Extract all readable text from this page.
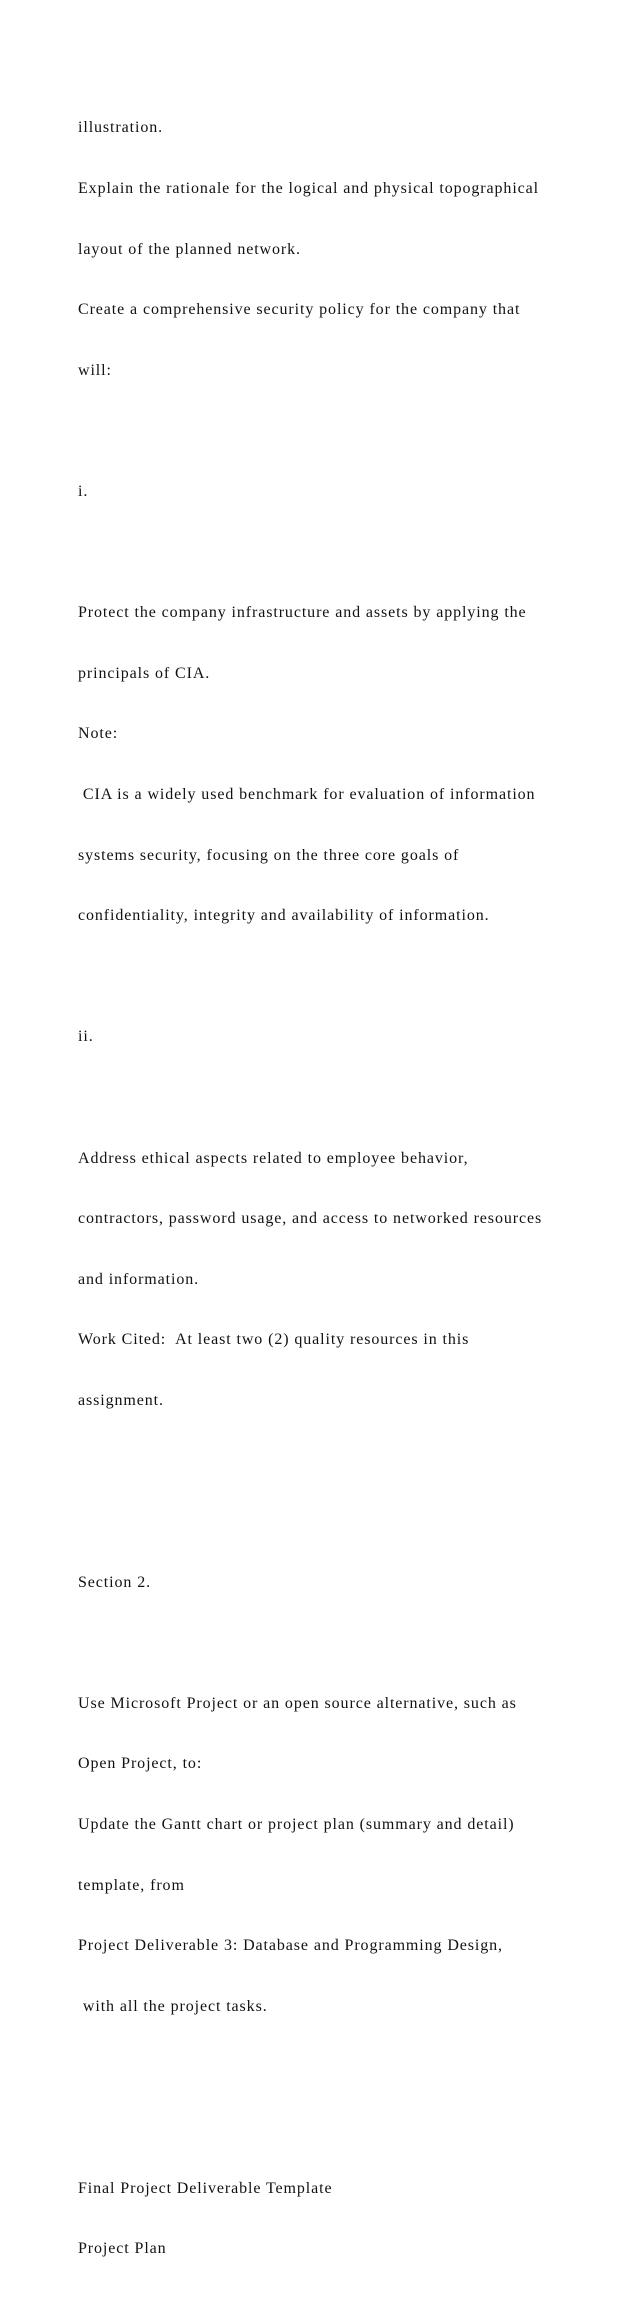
illustration.

Explain the rationale for the logical and physical topographical

layout of the planned network.

Create a comprehensive security policy for the company that

will:

i.

Protect the company infrastructure and assets by applying the

principals of CIA.

Note:

CIA is a widely used benchmark for evaluation of information

systems security, focusing on the three core goals of

confidentiality, integrity and availability of information.

ii.

Address ethical aspects related to employee behavior,

contractors, password usage, and access to networked resources

and information.

Work Cited:  At least two (2) quality resources in this

assignment.

Section 2.

Use Microsoft Project or an open source alternative, such as

Open Project, to:

Update the Gantt chart or project plan (summary and detail)

template, from

Project Deliverable 3: Database and Programming Design,

with all the project tasks.

Final Project Deliverable Template

Project Plan
